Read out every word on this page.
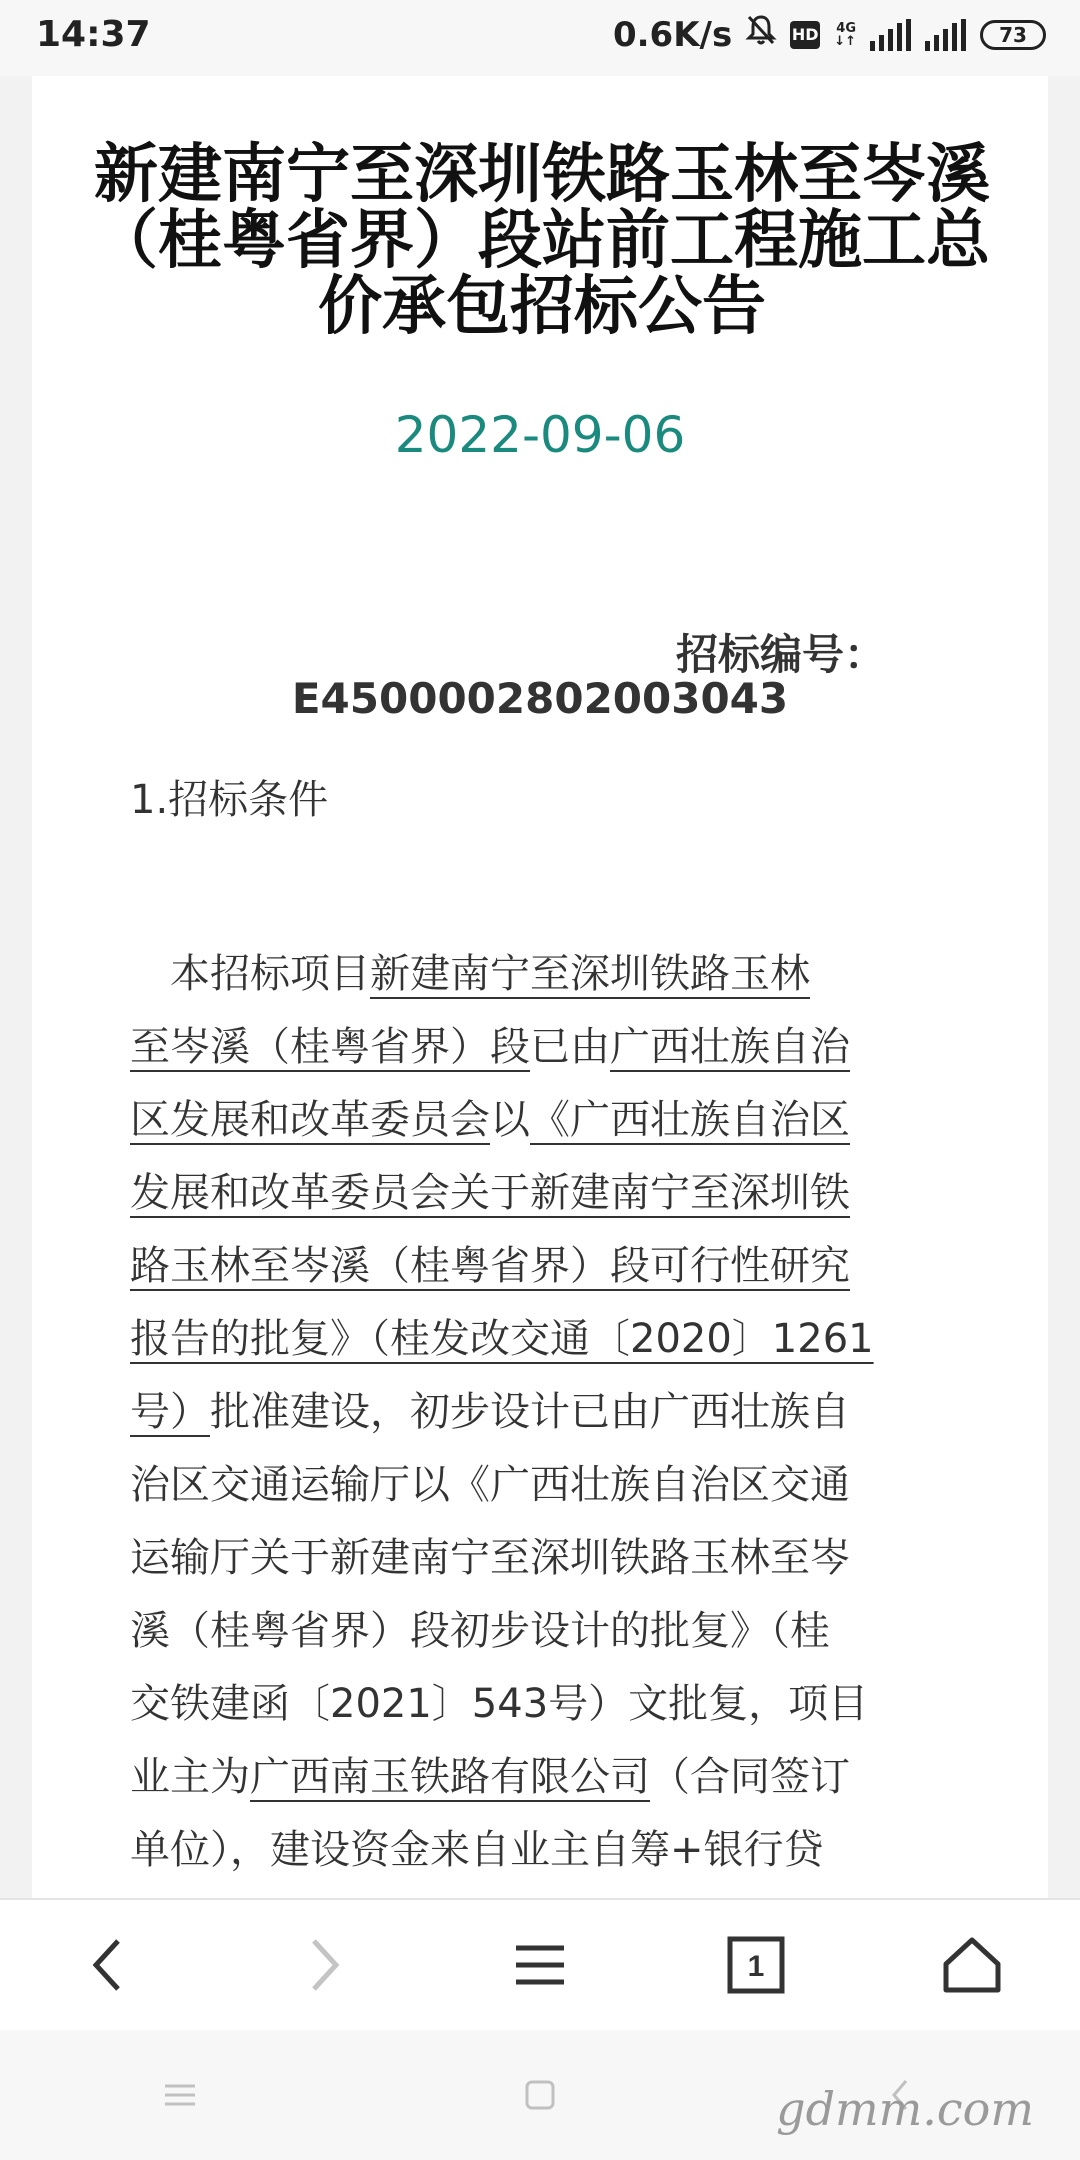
14:37	0.6K/s	HD 4G
↓↑	73
新建南宁至深圳铁路玉林至岑溪（桂粤省界）段站前工程施工总价承包招标公告
2022-09-06
招标编号：
E4500002802003043
1.招标条件

　本招标项目新建南宁至深圳铁路玉林

至岑溪（桂粤省界）段已由广西壮族自治

区发展和改革委员会以《广西壮族自治区

发展和改革委员会关于新建南宁至深圳铁

路玉林至岑溪（桂粤省界）段可行性研究

报告的批复》（桂发改交通〔2020〕1261

号）批准建设，初步设计已由广西壮族自

治区交通运输厅以《广西壮族自治区交通

运输厅关于新建南宁至深圳铁路玉林至岑

溪（桂粤省界）段初步设计的批复》（桂

交铁建函〔2021〕543号）文批复，项目

业主为广西南玉铁路有限公司（合同签订

单位），建设资金来自业主自筹+银行贷

1
gdmm.com
